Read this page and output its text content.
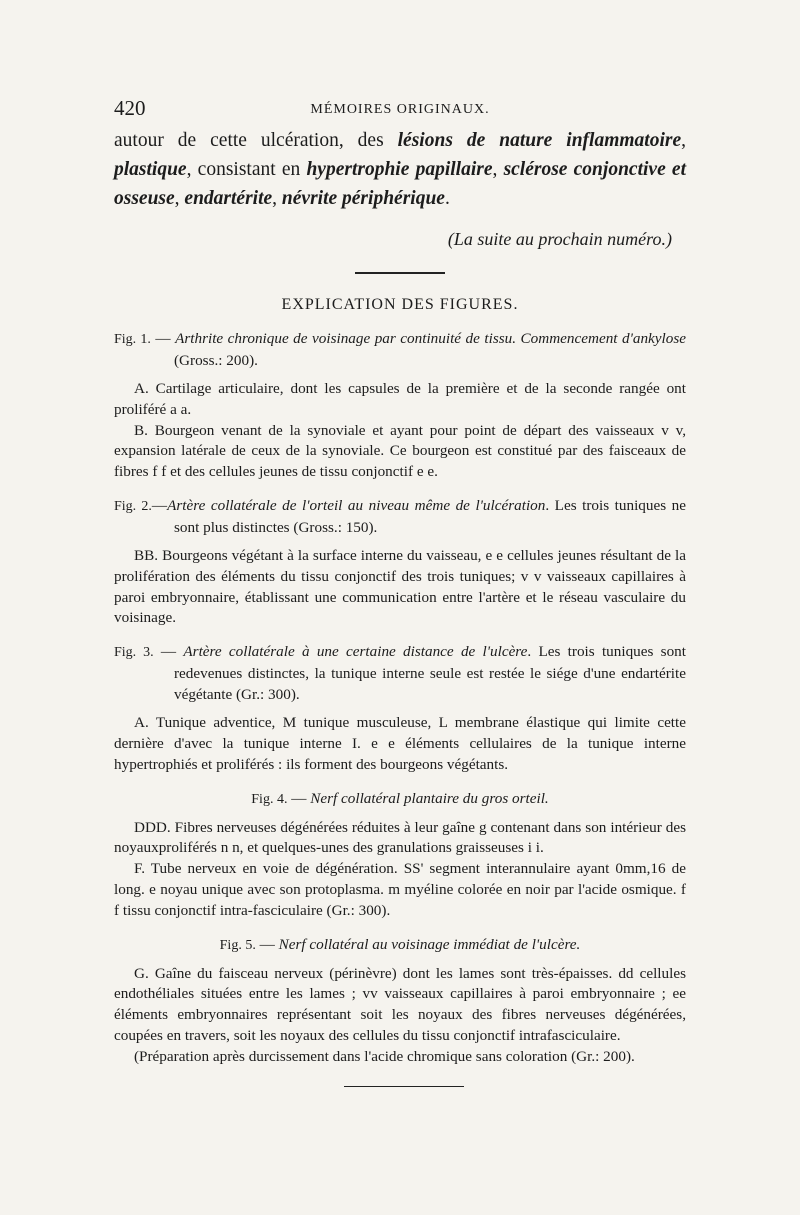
420	MÉMOIRES ORIGINAUX.

autour de cette ulcération, des lésions de nature inflammatoire, plastique, consistant en hypertrophie papillaire, sclérose conjonctive et osseuse, endartérite, névrite périphérique.

(La suite au prochain numéro.)

EXPLICATION DES FIGURES.

Fig. 1. — Arthrite chronique de voisinage par continuité de tissu. Commencement d'ankylose (Gross.: 200).

A. Cartilage articulaire, dont les capsules de la première et de la seconde rangée ont proliféré a a.

B. Bourgeon venant de la synoviale et ayant pour point de départ des vaisseaux v v, expansion latérale de ceux de la synoviale. Ce bourgeon est constitué par des faisceaux de fibres f f et des cellules jeunes de tissu conjonctif e e.

Fig. 2.—Artère collatérale de l'orteil au niveau même de l'ulcération. Les trois tuniques ne sont plus distinctes (Gross.: 150).

BB. Bourgeons végétant à la surface interne du vaisseau, e e cellules jeunes résultant de la prolifération des éléments du tissu conjonctif des trois tuniques; v v vaisseaux capillaires à paroi embryonnaire, établissant une communication entre l'artère et le réseau vasculaire du voisinage.

Fig. 3. — Artère collatérale à une certaine distance de l'ulcère. Les trois tuniques sont redevenues distinctes, la tunique interne seule est restée le siége d'une endartérite végétante (Gr.: 300).

A. Tunique adventice, M tunique musculeuse, L membrane élastique qui limite cette dernière d'avec la tunique interne I. e e éléments cellulaires de la tunique interne hypertrophiés et proliférés : ils forment des bourgeons végétants.

Fig. 4. — Nerf collatéral plantaire du gros orteil.

DDD. Fibres nerveuses dégénérées réduites à leur gaîne g contenant dans son intérieur des noyauxproliférés n n, et quelques-unes des granulations graisseuses i i.

F. Tube nerveux en voie de dégénération. SS' segment interannulaire ayant 0mm,16 de long. e noyau unique avec son protoplasma. m myéline colorée en noir par l'acide osmique. f f tissu conjonctif intra-fasciculaire (Gr.: 300).

Fig. 5. — Nerf collatéral au voisinage immédiat de l'ulcère.

G. Gaîne du faisceau nerveux (périnèvre) dont les lames sont très-épaisses. dd cellules endothéliales situées entre les lames ; vv vaisseaux capillaires à paroi embryonnaire ; ee éléments embryonnaires représentant soit les noyaux des fibres nerveuses dégénérées, coupées en travers, soit les noyaux des cellules du tissu conjonctif intrafasciculaire.

(Préparation après durcissement dans l'acide chromique sans coloration (Gr.: 200).
